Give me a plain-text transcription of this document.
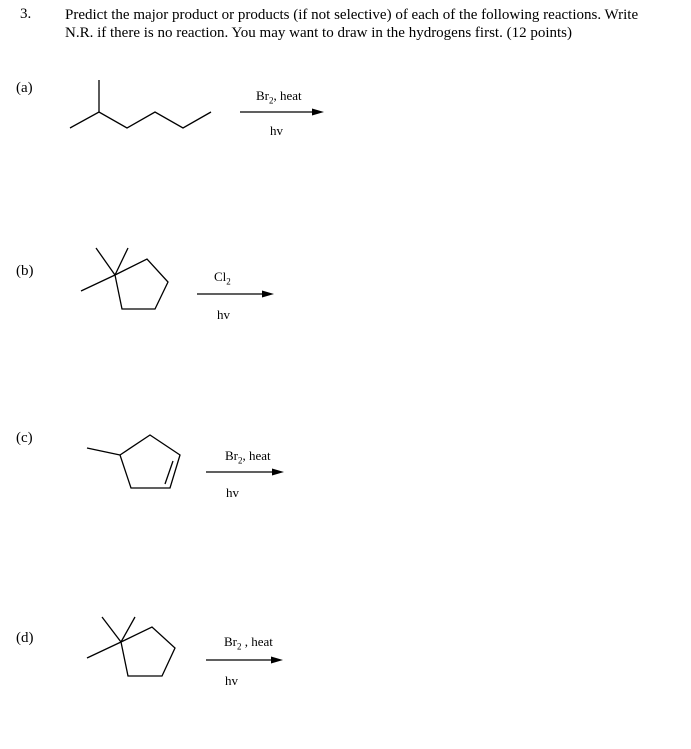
3. Predict the major product or products (if not selective) of each of the following reactions. Write
N.R. if there is no reaction. You may want to draw in the hydrogens first. (12 points)
(a)	$Br_2$, heat
hv
(b)	$Cl_2$
hv
(c)
$Br_2$, heat
hv
(d)	$Br_2$ , heat
hv
